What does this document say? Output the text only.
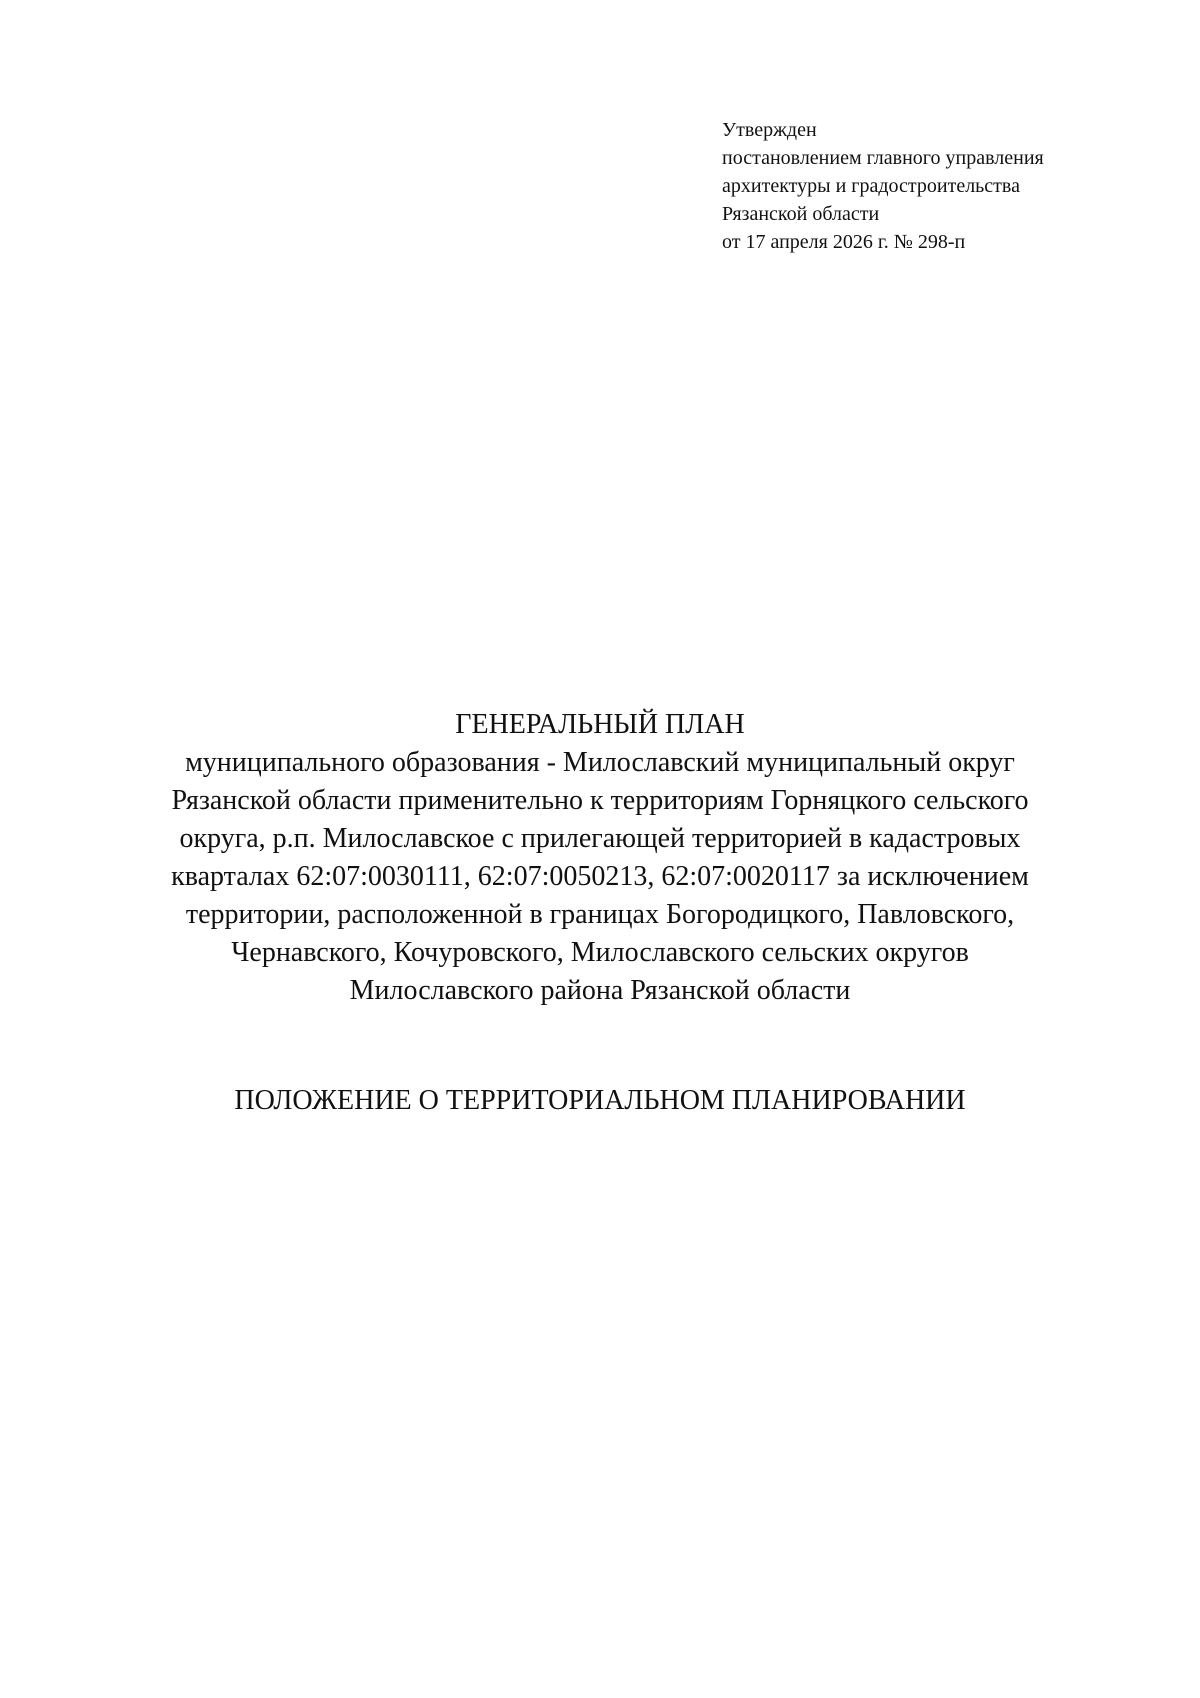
Утвержден
постановлением главного управления
архитектуры и градостроительства
Рязанской области
от 17 апреля 2026 г. № 298-п
ГЕНЕРАЛЬНЫЙ ПЛАН
муниципального образования - Милославский муниципальный округ
Рязанской области применительно к территориям Горняцкого сельского
округа, р.п. Милославское с прилегающей территорией в кадастровых
кварталах 62:07:0030111, 62:07:0050213, 62:07:0020117 за исключением
территории, расположенной в границах Богородицкого, Павловского,
Чернавского, Кочуровского, Милославского сельских округов
Милославского района Рязанской области
ПОЛОЖЕНИЕ О ТЕРРИТОРИАЛЬНОМ ПЛАНИРОВАНИИ
